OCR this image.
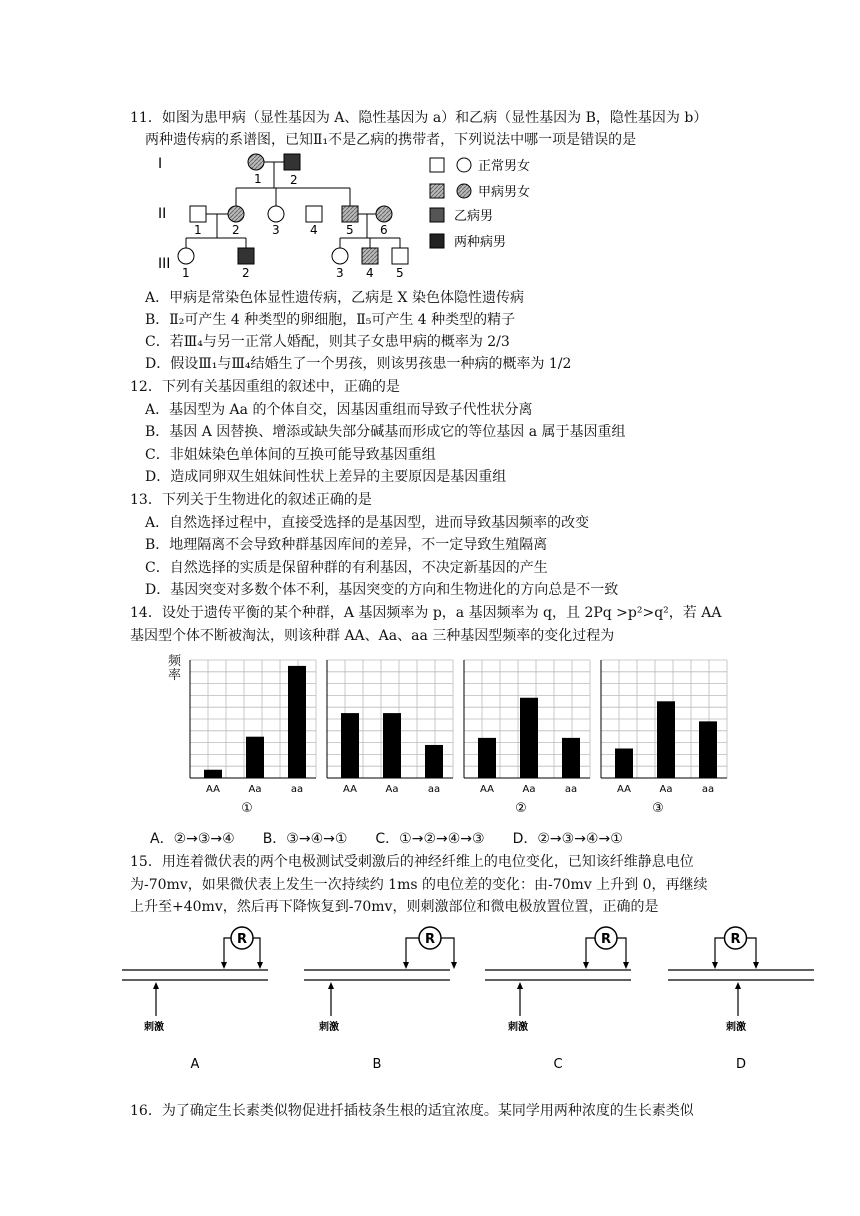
11．如图为患甲病（显性基因为 A、隐性基因为 a）和乙病（显性基因为 B，隐性基因为 b）
两种遗传病的系谱图，已知Ⅱ₁不是乙病的携带者，下列说法中哪一项是错误的是
I
II
III
1 2
1	2	3	4 5 6
1	2	3 4 5
正常男女
甲病男女
乙病男
两种病男
A．甲病是常染色体显性遗传病，乙病是 X 染色体隐性遗传病
B．Ⅱ₂可产生 4 种类型的卵细胞，Ⅱ₅可产生 4 种类型的精子
C．若Ⅲ₄与另一正常人婚配，则其子女患甲病的概率为 2/3
D．假设Ⅲ₁与Ⅲ₄结婚生了一个男孩，则该男孩患一种病的概率为 1/2
12．下列有关基因重组的叙述中，正确的是
A．基因型为 Aa 的个体自交，因基因重组而导致子代性状分离
B．基因 A 因替换、增添或缺失部分碱基而形成它的等位基因 a 属于基因重组
C．非姐妹染色单体间的互换可能导致基因重组
D．造成同卵双生姐妹间性状上差异的主要原因是基因重组
13．下列关于生物进化的叙述正确的是
A．自然选择过程中，直接受选择的是基因型，进而导致基因频率的改变
B．地理隔离不会导致种群基因库间的差异，不一定导致生殖隔离
C．自然选择的实质是保留种群的有利基因，不决定新基因的产生
D．基因突变对多数个体不利，基因突变的方向和生物进化的方向总是不一致
14．设处于遗传平衡的某个种群，A 基因频率为 p，a 基因频率为 q，且 2Pq >p²>q²，若 AA
基因型个体不断被淘汰，则该种群 AA、Aa、aa 三种基因型频率的变化过程为
频率
AA	Aa	aa
①
AA	Aa	aa	AA	Aa	aa
②
AA	Aa	aa
③
A．②→③→④　　B．③→④→①　　C．①→②→④→③　　D．②→③→④→①
15．用连着微伏表的两个电极测试受刺激后的神经纤维上的电位变化，已知该纤维静息电位
为-70mv，如果微伏表上发生一次持续约 1ms 的电位差的变化：由-70mv 上升到 0，再继续
上升至+40mv，然后再下降恢复到-70mv，则刺激部位和微电极放置位置，正确的是
R
刺激
A
R
刺激
B
R
刺激
C
R
刺激
D
16．为了确定生长素类似物促进扦插枝条生根的适宜浓度。某同学用两种浓度的生长素类似
